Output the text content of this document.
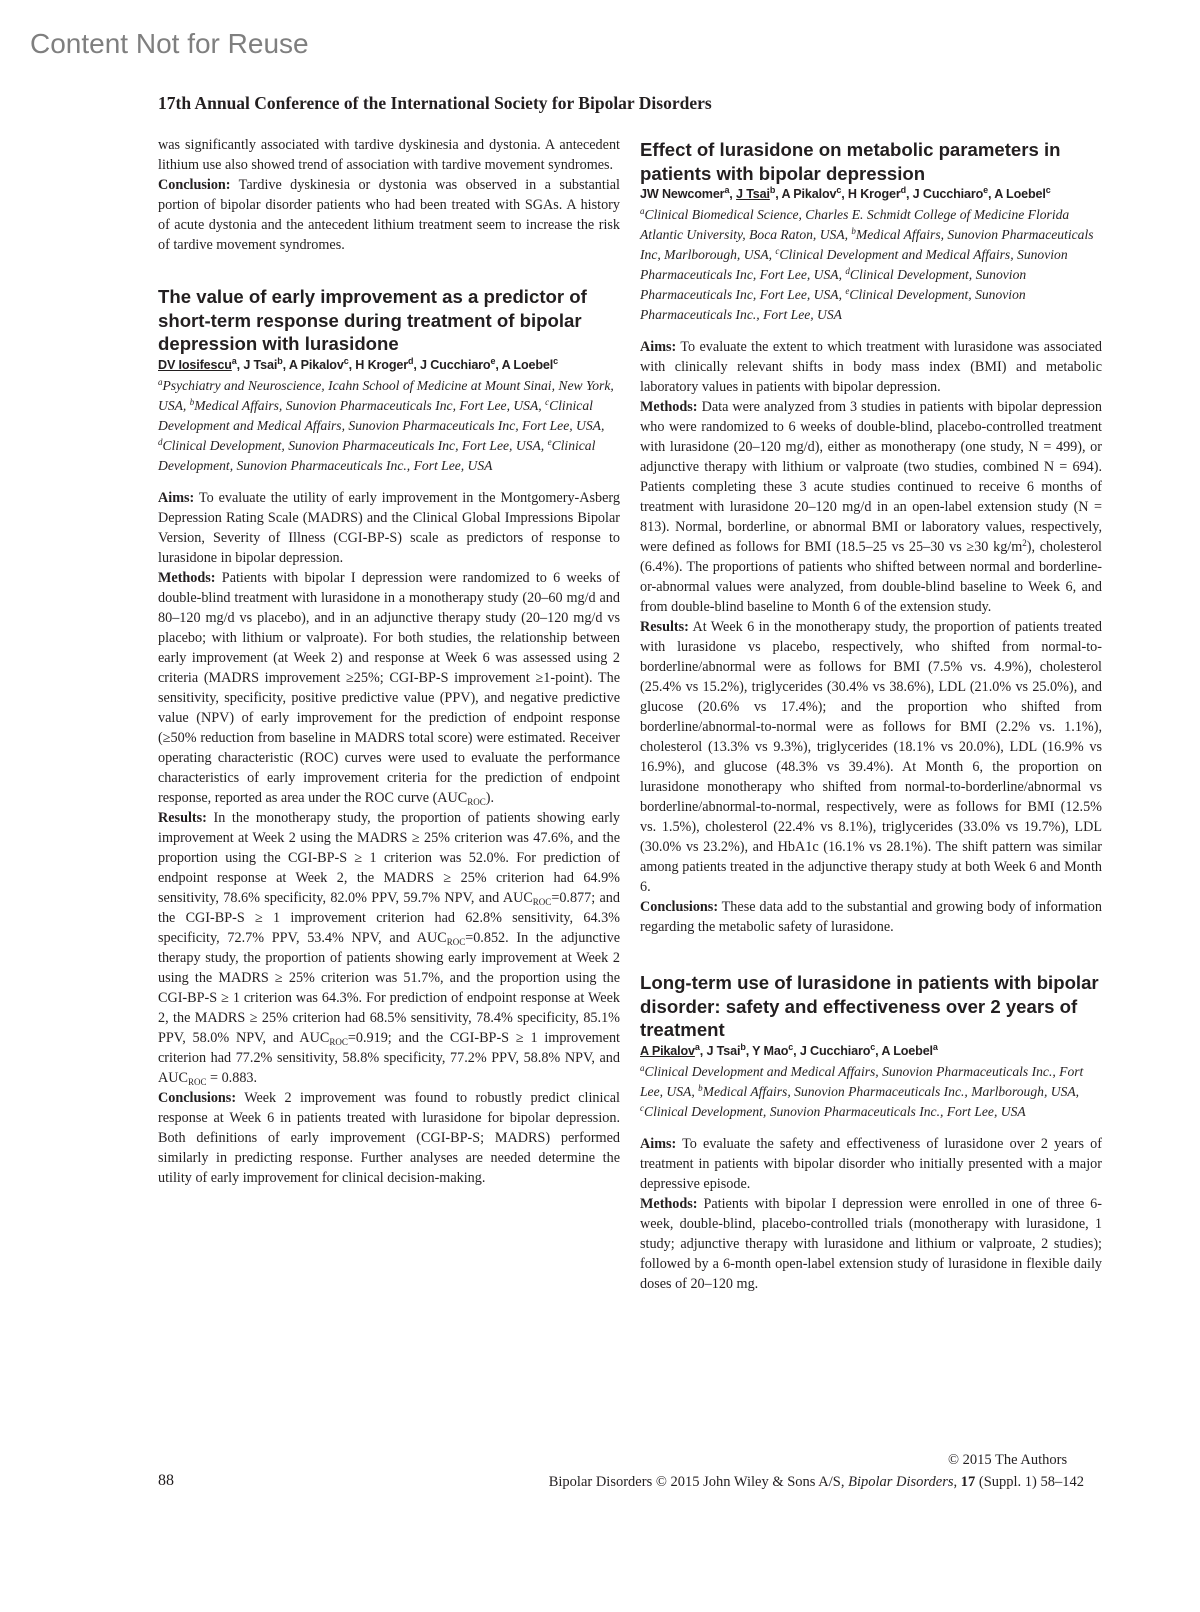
Content Not for Reuse
17th Annual Conference of the International Society for Bipolar Disorders

was significantly associated with tardive dyskinesia and dystonia. A antecedent lithium use also showed trend of association with tardive movement syndromes.

Conclusion: Tardive dyskinesia or dystonia was observed in a substantial portion of bipolar disorder patients who had been treated with SGAs. A history of acute dystonia and the antecedent lithium treatment seem to increase the risk of tardive movement syndromes.

The value of early improvement as a predictor of short-term response during treatment of bipolar depression with lurasidone
DV Iosifescu$^a$, J Tsai$^b$, A Pikalov$^c$, H Kroger$^d$, J Cucchiaro$^e$, A Loebel$^c$
$^a$Psychiatry and Neuroscience, Icahn School of Medicine at Mount Sinai, New York, USA, $^b$Medical Affairs, Sunovion Pharmaceuticals Inc, Fort Lee, USA, $^c$Clinical Development and Medical Affairs, Sunovion Pharmaceuticals Inc, Fort Lee, USA, $^d$Clinical Development, Sunovion Pharmaceuticals Inc, Fort Lee, USA, $^e$Clinical Development, Sunovion Pharmaceuticals Inc., Fort Lee, USA

Aims: To evaluate the utility of early improvement in the Montgomery-Asberg Depression Rating Scale (MADRS) and the Clinical Global Impressions Bipolar Version, Severity of Illness (CGI-BP-S) scale as predictors of response to lurasidone in bipolar depression.

Methods: Patients with bipolar I depression were randomized to 6 weeks of double-blind treatment with lurasidone in a monotherapy study (20–60 mg/d and 80–120 mg/d vs placebo), and in an adjunctive therapy study (20–120 mg/d vs placebo; with lithium or valproate). For both studies, the relationship between early improvement (at Week 2) and response at Week 6 was assessed using 2 criteria (MADRS improvement ≥25%; CGI-BP-S improvement ≥1-point). The sensitivity, specificity, positive predictive value (PPV), and negative predictive value (NPV) of early improvement for the prediction of endpoint response (≥50% reduction from baseline in MADRS total score) were estimated. Receiver operating characteristic (ROC) curves were used to evaluate the performance characteristics of early improvement criteria for the prediction of endpoint response, reported as area under the ROC curve $(AUC_{ROC})$.

Results: In the monotherapy study, the proportion of patients showing early improvement at Week 2 using the MADRS ≥ 25% criterion was 47.6%, and the proportion using the CGI-BP-S ≥ 1 criterion was 52.0%. For prediction of endpoint response at Week 2, the MADRS ≥ 25% criterion had 64.9% sensitivity, 78.6% specificity, 82.0% PPV, 59.7% NPV, and $AUC_{ROC}=0.877$; and the CGI-BP-S ≥ 1 improvement criterion had 62.8% sensitivity, 64.3% specificity, 72.7% PPV, 53.4% NPV, and $AUC_{ROC}=0.852$. In the adjunctive therapy study, the proportion of patients showing early improvement at Week 2 using the MADRS ≥ 25% criterion was 51.7%, and the proportion using the CGI-BP-S ≥ 1 criterion was 64.3%. For prediction of endpoint response at Week 2, the MADRS ≥ 25% criterion had 68.5% sensitivity, 78.4% specificity, 85.1% PPV, 58.0% NPV, and $AUC_{ROC}=0.919$; and the CGI-BP-S ≥ 1 improvement criterion had 77.2% sensitivity, 58.8% specificity, 77.2% PPV, 58.8% NPV, and $AUC_{ROC} = 0.883$.

Conclusions: Week 2 improvement was found to robustly predict clinical response at Week 6 in patients treated with lurasidone for bipolar depression. Both definitions of early improvement (CGI-BP-S; MADRS) performed similarly in predicting response. Further analyses are needed determine the utility of early improvement for clinical decision-making.

Effect of lurasidone on metabolic parameters in patients with bipolar depression
JW Newcomer$^a$, J Tsai$^b$, A Pikalov$^c$, H Kroger$^d$, J Cucchiaro$^e$, A Loebel$^c$
$^a$Clinical Biomedical Science, Charles E. Schmidt College of Medicine Florida Atlantic University, Boca Raton, USA, $^b$Medical Affairs, Sunovion Pharmaceuticals Inc, Marlborough, USA, $^c$Clinical Development and Medical Affairs, Sunovion Pharmaceuticals Inc, Fort Lee, USA, $^d$Clinical Development, Sunovion Pharmaceuticals Inc, Fort Lee, USA, $^e$Clinical Development, Sunovion Pharmaceuticals Inc., Fort Lee, USA

Aims: To evaluate the extent to which treatment with lurasidone was associated with clinically relevant shifts in body mass index (BMI) and metabolic laboratory values in patients with bipolar depression.

Methods: Data were analyzed from 3 studies in patients with bipolar depression who were randomized to 6 weeks of double-blind, placebo-controlled treatment with lurasidone (20–120 mg/d), either as monotherapy (one study, N = 499), or adjunctive therapy with lithium or valproate (two studies, combined N = 694). Patients completing these 3 acute studies continued to receive 6 months of treatment with lurasidone 20–120 mg/d in an open-label extension study (N = 813). Normal, borderline, or abnormal BMI or laboratory values, respectively, were defined as follows for BMI (18.5–25 vs 25–30 vs ≥30 $kg/m^2$), cholesterol (6.4%). The proportions of patients who shifted between normal and borderline-or-abnormal values were analyzed, from double-blind baseline to Week 6, and from double-blind baseline to Month 6 of the extension study.

Results: At Week 6 in the monotherapy study, the proportion of patients treated with lurasidone vs placebo, respectively, who shifted from normal-to-borderline/abnormal were as follows for BMI (7.5% vs. 4.9%), cholesterol (25.4% vs 15.2%), triglycerides (30.4% vs 38.6%), LDL (21.0% vs 25.0%), and glucose (20.6% vs 17.4%); and the proportion who shifted from borderline/abnormal-to-normal were as follows for BMI (2.2% vs. 1.1%), cholesterol (13.3% vs 9.3%), triglycerides (18.1% vs 20.0%), LDL (16.9% vs 16.9%), and glucose (48.3% vs 39.4%). At Month 6, the proportion on lurasidone monotherapy who shifted from normal-to-borderline/abnormal vs borderline/abnormal-to-normal, respectively, were as follows for BMI (12.5% vs. 1.5%), cholesterol (22.4% vs 8.1%), triglycerides (33.0% vs 19.7%), LDL (30.0% vs 23.2%), and HbA1c (16.1% vs 28.1%). The shift pattern was similar among patients treated in the adjunctive therapy study at both Week 6 and Month 6.

Conclusions: These data add to the substantial and growing body of information regarding the metabolic safety of lurasidone.

Long-term use of lurasidone in patients with bipolar disorder: safety and effectiveness over 2 years of treatment
A Pikalov$^a$, J Tsai$^b$, Y Mao$^c$, J Cucchiaro$^c$, A Loebel$^a$
$^a$Clinical Development and Medical Affairs, Sunovion Pharmaceuticals Inc., Fort Lee, USA, $^b$Medical Affairs, Sunovion Pharmaceuticals Inc., Marlborough, USA, $^c$Clinical Development, Sunovion Pharmaceuticals Inc., Fort Lee, USA

Aims: To evaluate the safety and effectiveness of lurasidone over 2 years of treatment in patients with bipolar disorder who initially presented with a major depressive episode.

Methods: Patients with bipolar I depression were enrolled in one of three 6-week, double-blind, placebo-controlled trials (monotherapy with lurasidone, 1 study; adjunctive therapy with lurasidone and lithium or valproate, 2 studies); followed by a 6-month open-label extension study of lurasidone in flexible daily doses of 20–120 mg.

© 2015 The Authors
88	Bipolar Disorders © 2015 John Wiley & Sons A/S, Bipolar Disorders, 17 (Suppl. 1) 58–142
